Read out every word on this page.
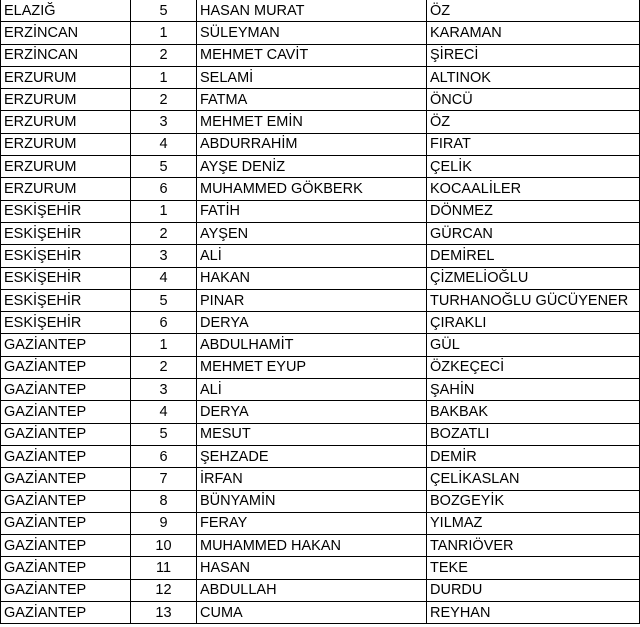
ELAZIĞ	5	HASAN MURAT	ÖZ
ERZİNCAN	1	SÜLEYMAN	KARAMAN
ERZİNCAN	2	MEHMET CAVİT	ŞİRECİ
ERZURUM	1	SELAMİ	ALTINOK
ERZURUM	2	FATMA	ÖNCÜ
ERZURUM	3	MEHMET EMİN	ÖZ
ERZURUM	4	ABDURRAHİM	FIRAT
ERZURUM	5	AYŞE DENİZ	ÇELİK
ERZURUM	6	MUHAMMED GÖKBERK	KOCAALİLER
ESKİŞEHİR	1	FATİH	DÖNMEZ
ESKİŞEHİR	2	AYŞEN	GÜRCAN
ESKİŞEHİR	3	ALİ	DEMİREL
ESKİŞEHİR	4	HAKAN	ÇİZMELİOĞLU
ESKİŞEHİR	5	PINAR	TURHANOĞLU GÜCÜYENER
ESKİŞEHİR	6	DERYA	ÇIRAKLI
GAZİANTEP	1	ABDULHAMİT	GÜL
GAZİANTEP	2	MEHMET EYUP	ÖZKEÇECİ
GAZİANTEP	3	ALİ	ŞAHİN
GAZİANTEP	4	DERYA	BAKBAK
GAZİANTEP	5	MESUT	BOZATLI
GAZİANTEP	6	ŞEHZADE	DEMİR
GAZİANTEP	7	İRFAN	ÇELİKASLAN
GAZİANTEP	8	BÜNYAMİN	BOZGEYİK
GAZİANTEP	9	FERAY	YILMAZ
GAZİANTEP	10	MUHAMMED HAKAN	TANRIÖVER
GAZİANTEP	11	HASAN	TEKE
GAZİANTEP	12	ABDULLAH	DURDU
GAZİANTEP	13	CUMA	REYHAN
